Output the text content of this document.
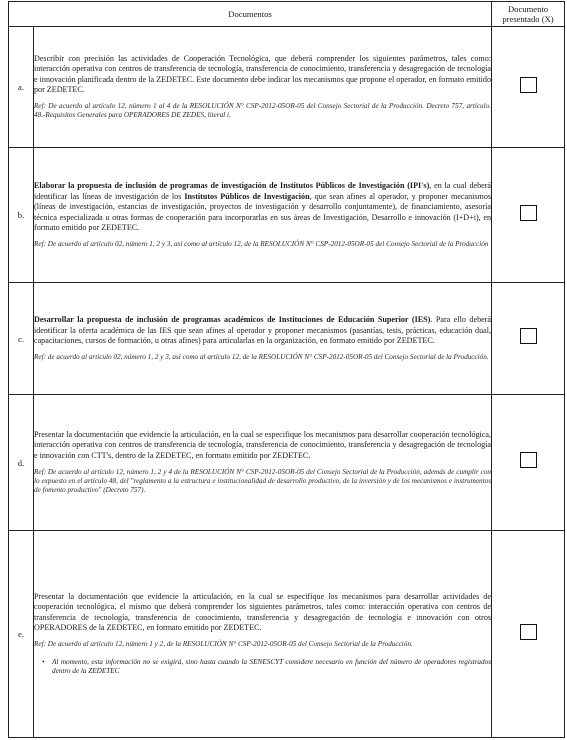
Documentos		Documento presentado (X)
a.	Describir con precisión las actividades de Cooperación Tecnológica, que deberá comprender los siguientes parámetros, tales como: interacción operativa con centros de transferencia de tecnología, transferencia de conocimiento, transferencia y desagregación de tecnología e innovación planificada dentro de la ZEDETEC. Este documento debe indicar los mecanismos que propone el operador, en formato emitido por ZEDETEC.
Ref: De acuerdo al artículo 12, número 1 al 4 de la RESOLUCIÓN N° CSP-2012-05OR-05 del Consejo Sectorial de la Producción. Decreto 757, artículo. 48.-Requisitos Generales para OPERADORES DE ZEDES, literal i.	

b.	Elaborar la propuesta de inclusión de programas de investigación de Institutos Públicos de Investigación (IPI's), en la cual deberá identificar las líneas de investigación de los Institutos Públicos de Investigación, que sean afines al operador, y proponer mecanismos (líneas de investigación, estancias de investigación, proyectos de investigación y desarrollo conjuntamente), de financiamiento, asesoría técnica especializada u otras formas de cooperación para incorporarlas en sus áreas de Investigación, Desarrollo e innovación (I+D+i), en formato emitido por ZEDETEC.
Ref: De acuerdo al artículo 02, número 1, 2 y 3, así como al artículo 12, de la RESOLUCIÓN N° CSP-2012-05OR-05 del Consejo Sectorial de la Producción	

c.	Desarrollar la propuesta de inclusión de programas académicos de Instituciones de Educación Superior (IES). Para ello deberá identificar la oferta académica de las IES que sean afines al operador y proponer mecanismos (pasantías, tesis, prácticas, educación dual, capacitaciones, cursos de formación, u otras afines) para articularlas en la organización, en formato emitido por ZEDETEC.
Ref: de acuerdo al artículo 02, número 1, 2 y 3, así como al artículo 12, de la RESOLUCIÓN N° CSP-2012-05OR-05 del Consejo Sectorial de la Producción.	

d.	Presentar la documentación que evidencie la articulación, en la cual se especifique los mecanismos para desarrollar cooperación tecnológica, interacción operativa con centros de transferencia de tecnología, transferencia de conocimiento, transferencia y desagregación de tecnología e innovación con CTT's, dentro de la ZEDETEC, en formato emitido por ZEDETEC.
Ref: De acuerdo al artículo 12, número 1, 2 y 4 de la RESOLUCIÓN N° CSP-2012-05OR-05 del Consejo Sectorial de la Producción, además de cumplir con lo expuesto en el artículo 48, del "reglamento a la estructura e institucionalidad de desarrollo productivo, de la inversión y de los mecanismos e instrumentos de fomento productivo" (Decreto 757).	

e.	Presentar la documentación que evidencie la articulación, en la cual se especifique los mecanismos para desarrollar actividades de cooperación tecnológica, el mismo que deberá comprender los siguientes parámetros, tales como: interacción operativa con centros de transferencia de tecnología, transferencia de conocimiento, transferencia y desagregación de tecnología e innovación con otros OPERADORES de la ZEDETEC, en formato emitido por ZEDETEC.
Ref: De acuerdo al artículo 12, número 1 y 2, de la RESOLUCIÓN N° CSP-2012-05OR-05 del Consejo Sectorial de la Producción.
• Al momento, esta información no se exigirá, sino hasta cuando la SENESCYT considere necesario en función del número de operadores registrados dentro de la ZEDETEC	
